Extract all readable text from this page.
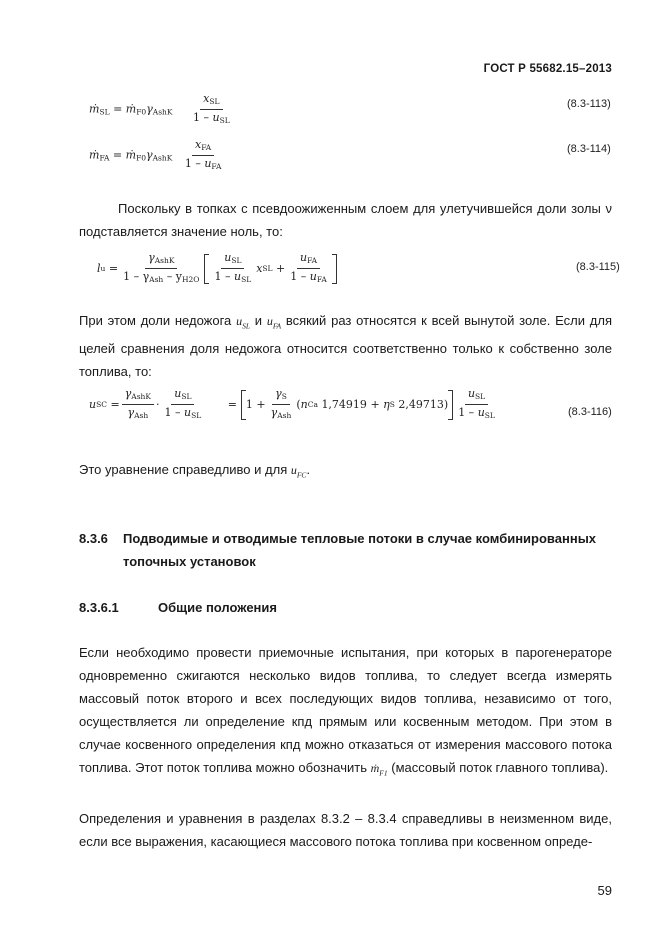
ГОСТ Р 55682.15–2013
ṁ$_{SL}$ = $ṁ_{F0}\gamma_{AshK} \frac{x_{SL}}{1 - u_{SL}}$	(8.3-113)
ṁ$_{FA}$ = $ṁ_{F0}\gamma_{AshK} \frac{x_{FA}}{1 - u_{FA}}$	(8.3-114)
Поскольку в топках с псевдоожиженным слоем для улетучившейся доли золы ν подставляется значение ноль, то:
l u
= $\frac{\gamma_{AshK}}{1 - \gamma_{Ash} - y_{H2O}} \frac{u_{SL}}{1 - u_{SL}}$ x SL
+ $\frac{u_{FA}}{1 - u_{FA}}$	(8.3-115)
При этом доли недожога $u_{SL}$ и $u_{FA}$ всякий раз относятся к всей вынутой золе. Если для целей сравнения доля недожога относится соответственно только к собственно золе топлива, то:
u SC
= $\frac{\gamma_{AshK}}{\gamma_{Ash}} \cdot \frac{u_{SL}}{1 - u_{SL}}$
= $1 + \frac{\gamma_S}{\gamma_{Ash}}$ ( n Ca
1,74919
+
η S
2,49713 ) $\frac{u_{SL}}{1 - u_{SL}}$	(8.3-116)
Это уравнение справедливо и для $u_{FC}$.
8.3.6 Подводимые и отводимые тепловые потоки в случае комбинированных топочных установок
8.3.6.1	Общие положения
Если необходимо провести приемочные испытания, при которых в парогенераторе одновременно сжигаются несколько видов топлива, то следует всегда измерять массовый поток второго и всех последующих видов топлива, независимо от того, осуществляется ли определение кпд прямым или косвенным методом. При этом в случае косвенного определения кпд можно отказаться от измерения массового потока топлива. Этот поток топлива можно обозначить ṁ$_{F1}$ (массовый поток главного топлива).
Определения и уравнения в разделах 8.3.2 – 8.3.4 справедливы в неизменном виде, если все выражения, касающиеся массового потока топлива при косвенном опреде-
59
